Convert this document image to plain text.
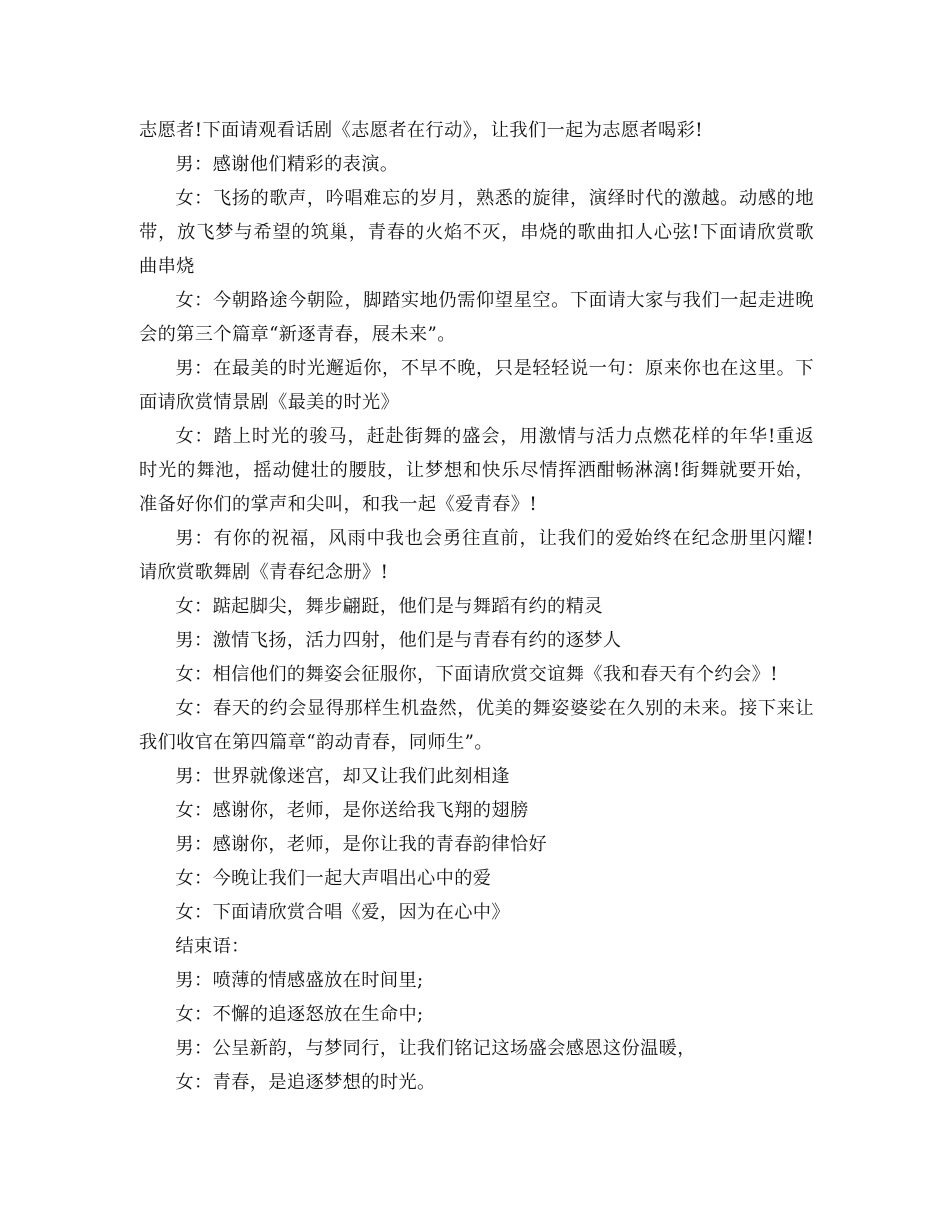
志愿者!下面请观看话剧《志愿者在行动》，让我们一起为志愿者喝彩!

男：感谢他们精彩的表演。

女：飞扬的歌声，吟唱难忘的岁月，熟悉的旋律，演绎时代的激越。动感的地带，放飞梦与希望的筑巢，青春的火焰不灭，串烧的歌曲扣人心弦!下面请欣赏歌曲串烧

女：今朝路途今朝险，脚踏实地仍需仰望星空。下面请大家与我们一起走进晚会的第三个篇章“新逐青春，展未来”。

男：在最美的时光邂逅你，不早不晚，只是轻轻说一句：原来你也在这里。下面请欣赏情景剧《最美的时光》

女：踏上时光的骏马，赶赴街舞的盛会，用激情与活力点燃花样的年华!重返时光的舞池，摇动健壮的腰肢，让梦想和快乐尽情挥洒酣畅淋漓!街舞就要开始，准备好你们的掌声和尖叫，和我一起《爱青春》!

男：有你的祝福，风雨中我也会勇往直前，让我们的爱始终在纪念册里闪耀!请欣赏歌舞剧《青春纪念册》!

女：踮起脚尖，舞步翩跹，他们是与舞蹈有约的精灵

男：激情飞扬，活力四射，他们是与青春有约的逐梦人

女：相信他们的舞姿会征服你，下面请欣赏交谊舞《我和春天有个约会》!

女：春天的约会显得那样生机盎然，优美的舞姿婆娑在久别的未来。接下来让我们收官在第四篇章“韵动青春，同师生”。

男：世界就像迷宫，却又让我们此刻相逢

女：感谢你，老师，是你送给我飞翔的翅膀

男：感谢你，老师，是你让我的青春韵律恰好

女：今晚让我们一起大声唱出心中的爱

女：下面请欣赏合唱《爱，因为在心中》

结束语：

男：喷薄的情感盛放在时间里;

女：不懈的追逐怒放在生命中;

男：公呈新韵，与梦同行，让我们铭记这场盛会感恩这份温暖，

女：青春，是追逐梦想的时光。
